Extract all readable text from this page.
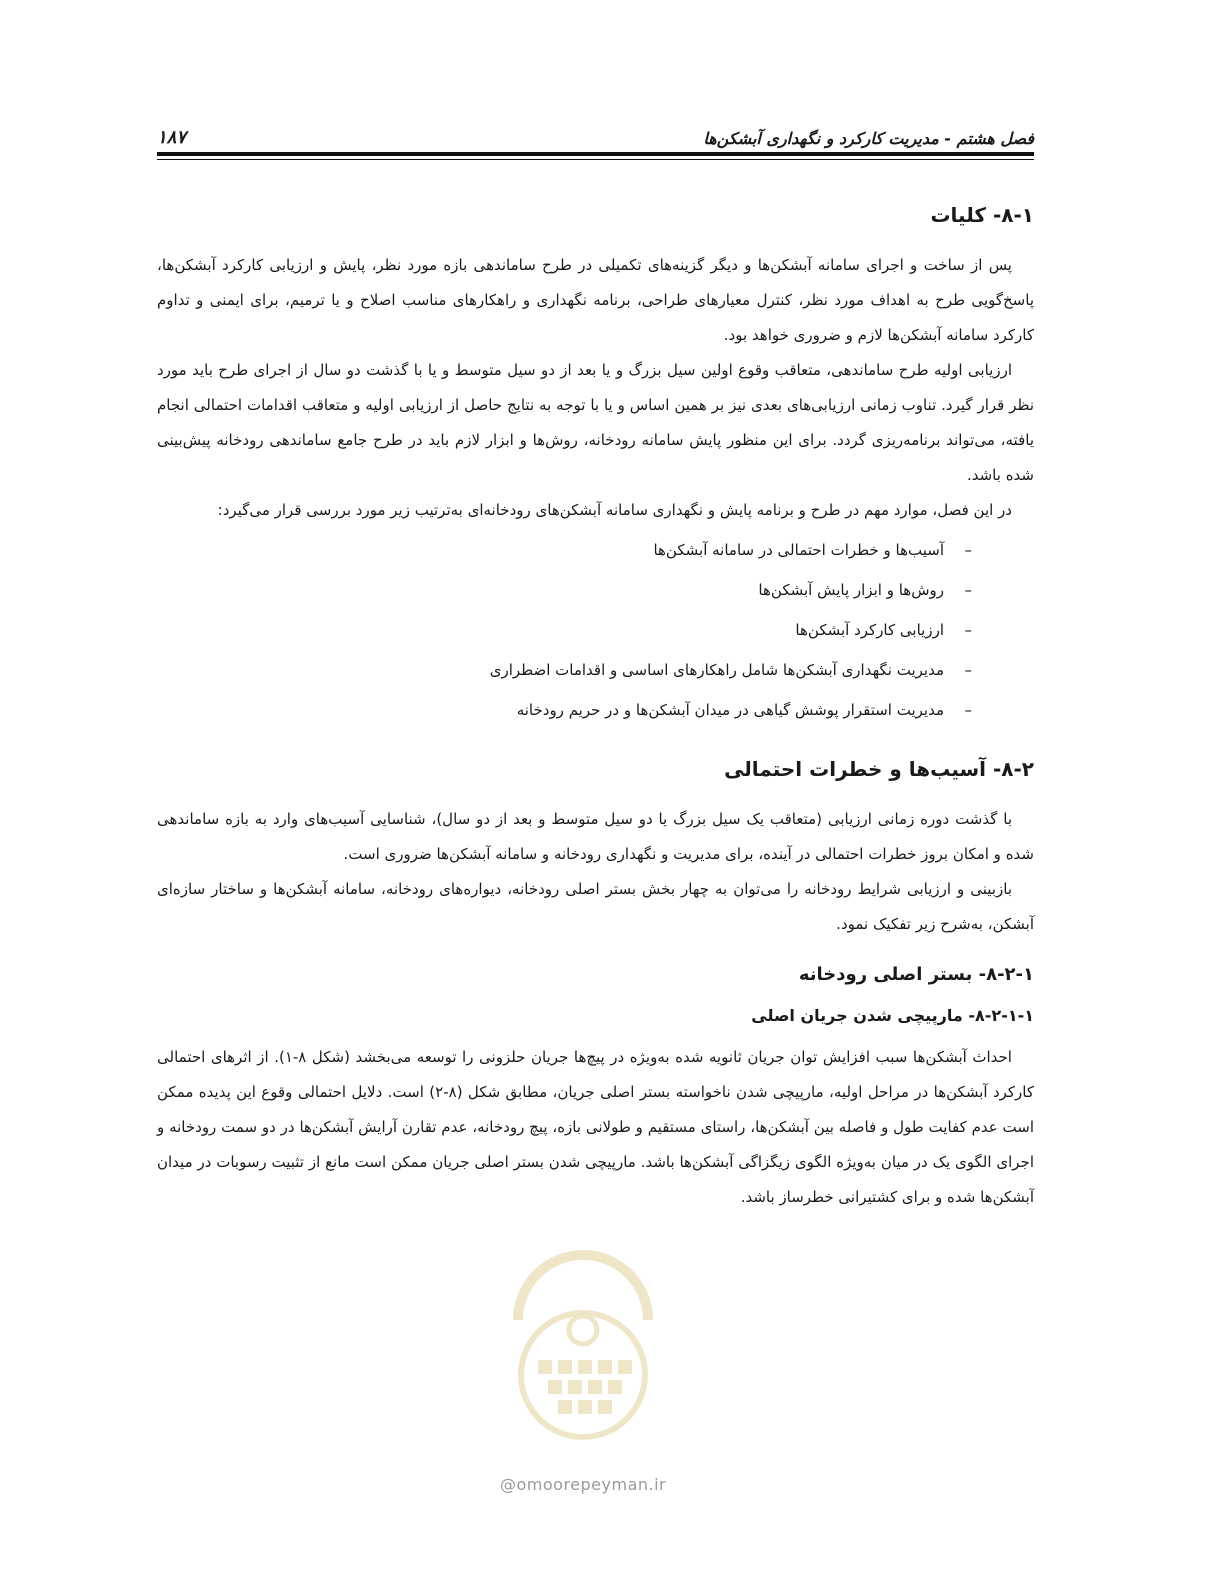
فصل هشتم - مدیریت کارکرد و نگهداری آبشکن‌ها
۱۸۷
۸-۱- کلیات

پس از ساخت و اجرای سامانه آبشکن‌ها و دیگر گزینه‌های تکمیلی در طرح ساماندهی بازه مورد نظر، پایش و ارزیابی کارکرد آبشکن‌ها، پاسخ‌گویی طرح به اهداف مورد نظر، کنترل معیارهای طراحی، برنامه نگهداری و راهکارهای مناسب اصلاح و یا ترمیم، برای ایمنی و تداوم کارکرد سامانه آبشکن‌ها لازم و ضروری خواهد بود.

ارزیابی اولیه طرح ساماندهی، متعاقب وقوع اولین سیل بزرگ و یا بعد از دو سیل متوسط و یا با گذشت دو سال از اجرای طرح باید مورد نظر قرار گیرد. تناوب زمانی ارزیابی‌های بعدی نیز بر همین اساس و یا با توجه به نتایج حاصل از ارزیابی اولیه و متعاقب اقدامات احتمالی انجام یافته، می‌تواند برنامه‌ریزی گردد. برای این منظور پایش سامانه رودخانه، روش‌ها و ابزار لازم باید در طرح جامع ساماندهی رودخانه پیش‌بینی شده باشد.

در این فصل، موارد مهم در طرح و برنامه پایش و نگهداری سامانه آبشکن‌های رودخانه‌ای به‌ترتیب زیر مورد بررسی قرار می‌گیرد:

–
آسیب‌ها و خطرات احتمالی در سامانه آبشکن‌ها
–
روش‌ها و ابزار پایش آبشکن‌ها
–
ارزیابی کارکرد آبشکن‌ها
–
مدیریت نگهداری آبشکن‌ها شامل راهکارهای اساسی و اقدامات اضطراری
–
مدیریت استقرار پوشش گیاهی در میدان آبشکن‌ها و در حریم رودخانه
۸-۲- آسیب‌ها و خطرات احتمالی

با گذشت دوره زمانی ارزیابی (متعاقب یک سیل بزرگ یا دو سیل متوسط و بعد از دو سال)، شناسایی آسیب‌های وارد به بازه ساماندهی شده و امکان بروز خطرات احتمالی در آینده، برای مدیریت و نگهداری رودخانه و سامانه آبشکن‌ها ضروری است.

بازبینی و ارزیابی شرایط رودخانه را می‌توان به چهار بخش بستر اصلی رودخانه، دیواره‌های رودخانه، سامانه آبشکن‌ها و ساختار سازه‌ای آبشکن، به‌شرح زیر تفکیک نمود.

۸-۲-۱- بستر اصلی رودخانه
۸-۲-۱-۱- مارپیچی شدن جریان اصلی

احداث آبشکن‌ها سبب افزایش توان جریان ثانویه شده به‌ویژه در پیچ‌ها جریان حلزونی را توسعه می‌بخشد (شکل ۸-۱). از اثرهای احتمالی کارکرد آبشکن‌ها در مراحل اولیه، مارپیچی شدن ناخواسته بستر اصلی جریان، مطابق شکل (۸-۲) است. دلایل احتمالی وقوع این پدیده ممکن است عدم کفایت طول و فاصله بین آبشکن‌ها، راستای مستقیم و طولانی بازه، پیچ رودخانه، عدم تقارن آرایش آبشکن‌ها در دو سمت رودخانه و اجرای الگوی یک در میان به‌ویژه الگوی زیگزاگی آبشکن‌ها باشد. مارپیچی شدن بستر اصلی جریان ممکن است مانع از تثبیت رسوبات در میدان آبشکن‌ها شده و برای کشتیرانی خطرساز باشد.

@omoorepeyman.ir
